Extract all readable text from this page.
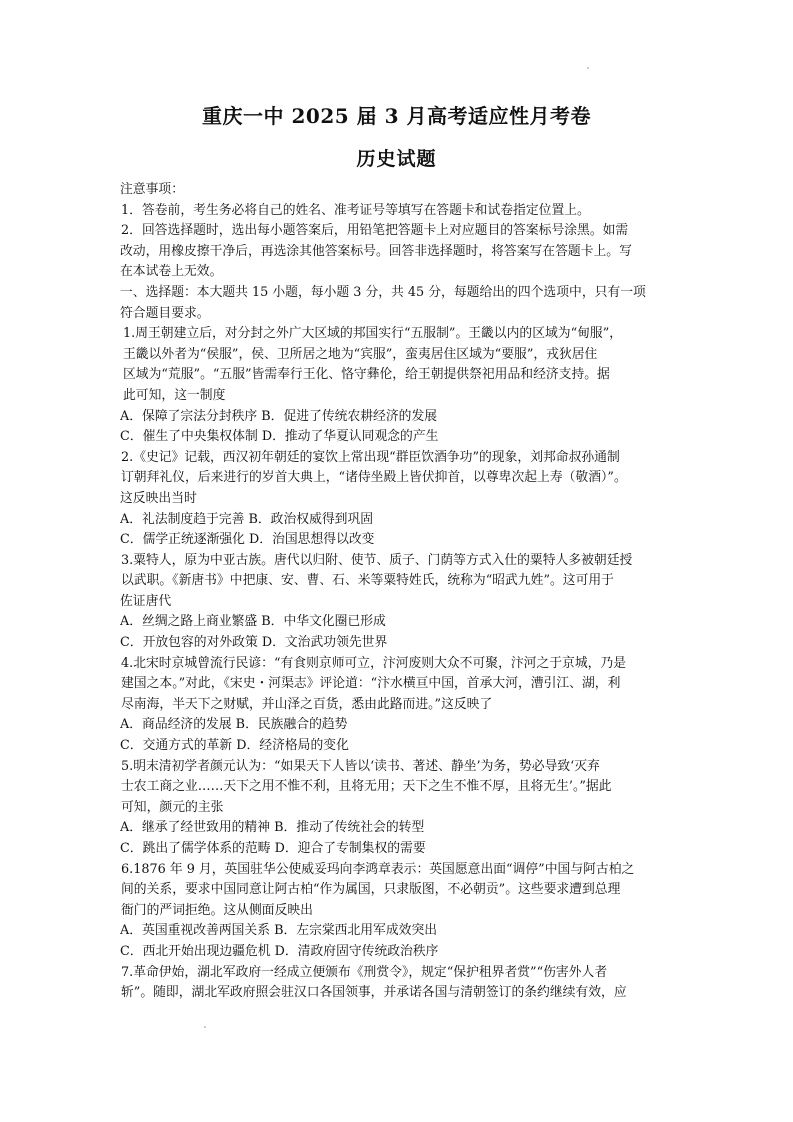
重庆一中 2025 届 3 月高考适应性月考卷
历史试题
注意事项：
1．答卷前，考生务必将自己的姓名、准考证号等填写在答题卡和试卷指定位置上。
2．回答选择题时，选出每小题答案后，用铅笔把答题卡上对应题目的答案标号涂黑。如需
改动，用橡皮擦干净后，再选涂其他答案标号。回答非选择题时，将答案写在答题卡上。写
在本试卷上无效。
一、选择题：本大题共 15 小题，每小题 3 分，共 45 分，每题给出的四个选项中，只有一项
符合题目要求。
1.周王朝建立后，对分封之外广大区域的邦国实行“五服制”。王畿以内的区域为“甸服”，
王畿以外者为“侯服”，侯、卫所居之地为“宾服”，蛮夷居住区域为“要服”，戎狄居住
区域为“荒服”。“五服”皆需奉行王化、恪守彝伦，给王朝提供祭祀用品和经济支持。据
此可知，这一制度
A．保障了宗法分封秩序 B．促进了传统农耕经济的发展
C．催生了中央集权体制 D．推动了华夏认同观念的产生
2.《史记》记载，西汉初年朝廷的宴饮上常出现“群臣饮酒争功”的现象，刘邦命叔孙通制
订朝拜礼仪，后来进行的岁首大典上，“诸侍坐殿上皆伏抑首，以尊卑次起上寿（敬酒）”。
这反映出当时
A．礼法制度趋于完善 B．政治权威得到巩固
C．儒学正统逐渐强化 D．治国思想得以改变
3.粟特人，原为中亚古族。唐代以归附、使节、质子、门荫等方式入仕的粟特人多被朝廷授
以武职。《新唐书》中把康、安、曹、石、米等粟特姓氏，统称为“昭武九姓”。这可用于
佐证唐代
A．丝绸之路上商业繁盛 B．中华文化圈已形成
C．开放包容的对外政策 D．文治武功领先世界
4.北宋时京城曾流行民谚：“有食则京师可立，汴河废则大众不可聚，汴河之于京城，乃是
建国之本。”对此，《宋史・河渠志》评论道：“汴水横亘中国，首承大河，漕引江、湖，利
尽南海，半天下之财赋，并山泽之百货，悉由此路而进。”这反映了
A．商品经济的发展 B．民族融合的趋势
C．交通方式的革新 D．经济格局的变化
5.明末清初学者颜元认为：“如果天下人皆以‘读书、著述、静坐’为务，势必导致‘灭弃
士农工商之业……天下之用不惟不利，且将无用；天下之生不惟不厚，且将无生’。”据此
可知，颜元的主张
A．继承了经世致用的精神 B．推动了传统社会的转型
C．跳出了儒学体系的范畴 D．迎合了专制集权的需要
6.1876 年 9 月，英国驻华公使威妥玛向李鸿章表示：英国愿意出面“调停”中国与阿古柏之
间的关系，要求中国同意让阿古柏“作为属国，只隶版图，不必朝贡”。这些要求遭到总理
衙门的严词拒绝。这从侧面反映出
A．英国重视改善两国关系 B．左宗棠西北用军成效突出
C．西北开始出现边疆危机 D．清政府固守传统政治秩序
7.革命伊始，湖北军政府一经成立便颁布《刑赏令》，规定“保护租界者赏”“伤害外人者
斩”。随即，湖北军政府照会驻汉口各国领事，并承诺各国与清朝签订的条约继续有效，应
